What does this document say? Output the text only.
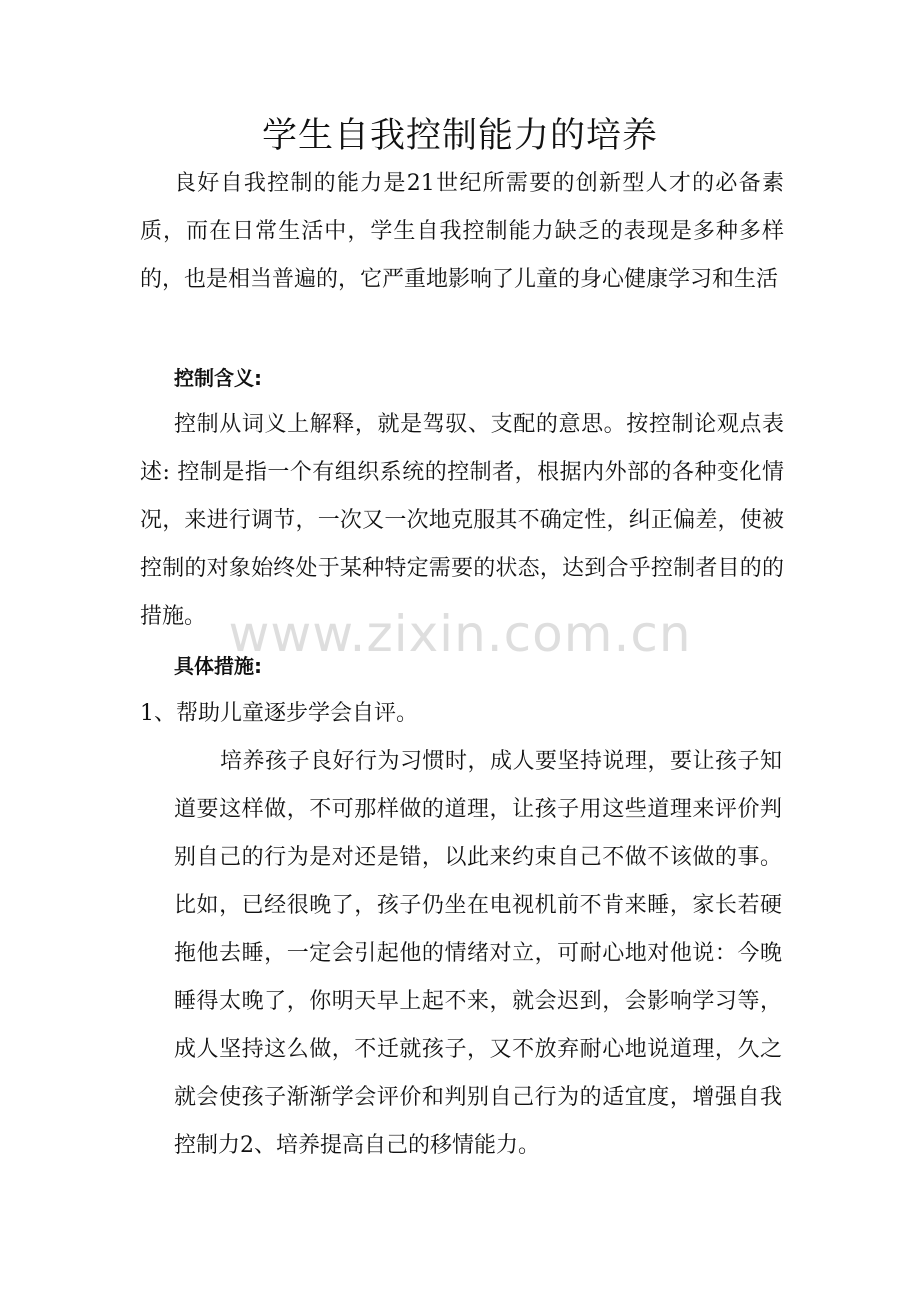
学生自我控制能力的培养

良好自我控制的能力是21世纪所需要的创新型人才的必备素质，而在日常生活中，学生自我控制能力缺乏的表现是多种多样的，也是相当普遍的，它严重地影响了儿童的身心健康学习和生活

控制含义:

控制从词义上解释，就是驾驭、支配的意思。按控制论观点表述: 控制是指一个有组织系统的控制者，根据内外部的各种变化情况，来进行调节，一次又一次地克服其不确定性，纠正偏差，使被控制的对象始终处于某种特定需要的状态，达到合乎控制者目的的措施。 www.zixin.com.cn
具体措施:

1、帮助儿童逐步学会自评。

培养孩子良好行为习惯时，成人要坚持说理，要让孩子知道要这样做，不可那样做的道理，让孩子用这些道理来评价判别自己的行为是对还是错，以此来约束自己不做不该做的事。比如，已经很晚了，孩子仍坐在电视机前不肯来睡，家长若硬拖他去睡，一定会引起他的情绪对立，可耐心地对他说：今晚睡得太晚了，你明天早上起不来，就会迟到，会影响学习等，成人坚持这么做，不迁就孩子，又不放弃耐心地说道理，久之就会使孩子渐渐学会评价和判别自己行为的适宜度，增强自我控制力2、培养提高自己的移情能力。
